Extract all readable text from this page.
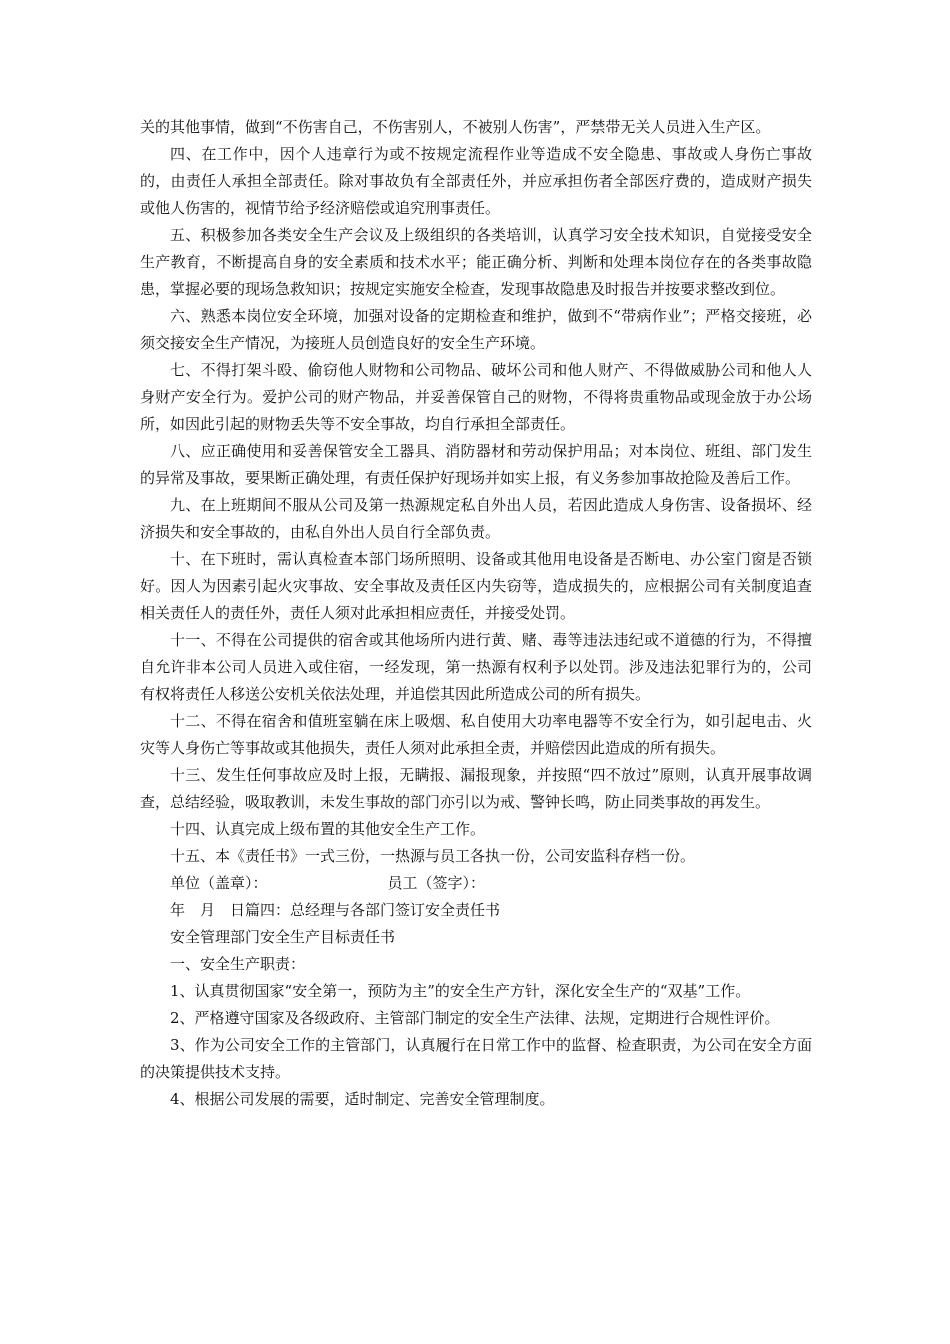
关的其他事情，做到“不伤害自己，不伤害别人，不被别人伤害”，严禁带无关人员进入生产区。

四、在工作中，因个人违章行为或不按规定流程作业等造成不安全隐患、事故或人身伤亡事故的，由责任人承担全部责任。除对事故负有全部责任外，并应承担伤者全部医疗费的，造成财产损失或他人伤害的，视情节给予经济赔偿或追究刑事责任。

五、积极参加各类安全生产会议及上级组织的各类培训，认真学习安全技术知识，自觉接受安全生产教育，不断提高自身的安全素质和技术水平；能正确分析、判断和处理本岗位存在的各类事故隐患，掌握必要的现场急救知识；按规定实施安全检查，发现事故隐患及时报告并按要求整改到位。

六、熟悉本岗位安全环境，加强对设备的定期检查和维护，做到不“带病作业”；严格交接班，必须交接安全生产情况，为接班人员创造良好的安全生产环境。

七、不得打架斗殴、偷窃他人财物和公司物品、破坏公司和他人财产、不得做威胁公司和他人人身财产安全行为。爱护公司的财产物品，并妥善保管自己的财物，不得将贵重物品或现金放于办公场所，如因此引起的财物丢失等不安全事故，均自行承担全部责任。

八、应正确使用和妥善保管安全工器具、消防器材和劳动保护用品；对本岗位、班组、部门发生的异常及事故，要果断正确处理，有责任保护好现场并如实上报，有义务参加事故抢险及善后工作。

九、在上班期间不服从公司及第一热源规定私自外出人员，若因此造成人身伤害、设备损坏、经济损失和安全事故的，由私自外出人员自行全部负责。

十、在下班时，需认真检查本部门场所照明、设备或其他用电设备是否断电、办公室门窗是否锁好。因人为因素引起火灾事故、安全事故及责任区内失窃等，造成损失的，应根据公司有关制度追查相关责任人的责任外，责任人须对此承担相应责任，并接受处罚。

十一、不得在公司提供的宿舍或其他场所内进行黄、赌、毒等违法违纪或不道德的行为，不得擅自允许非本公司人员进入或住宿，一经发现，第一热源有权利予以处罚。涉及违法犯罪行为的，公司有权将责任人移送公安机关依法处理，并追偿其因此所造成公司的所有损失。

十二、不得在宿舍和值班室躺在床上吸烟、私自使用大功率电器等不安全行为，如引起电击、火灾等人身伤亡等事故或其他损失，责任人须对此承担全责，并赔偿因此造成的所有损失。

十三、发生任何事故应及时上报，无瞒报、漏报现象，并按照“四不放过”原则，认真开展事故调查，总结经验，吸取教训，未发生事故的部门亦引以为戒、警钟长鸣，防止同类事故的再发生。

十四、认真完成上级布置的其他安全生产工作。

十五、本《责任书》一式三份，一热源与员工各执一份，公司安监科存档一份。

单位（盖章）：	员工（签字）：

年　月　日篇四：总经理与各部门签订安全责任书

安全管理部门安全生产目标责任书

一、安全生产职责：

1、认真贯彻国家“安全第一，预防为主”的安全生产方针，深化安全生产的“双基”工作。

2、严格遵守国家及各级政府、主管部门制定的安全生产法律、法规，定期进行合规性评价。

3、作为公司安全工作的主管部门，认真履行在日常工作中的监督、检查职责，为公司在安全方面的决策提供技术支持。

4、根据公司发展的需要，适时制定、完善安全管理制度。
